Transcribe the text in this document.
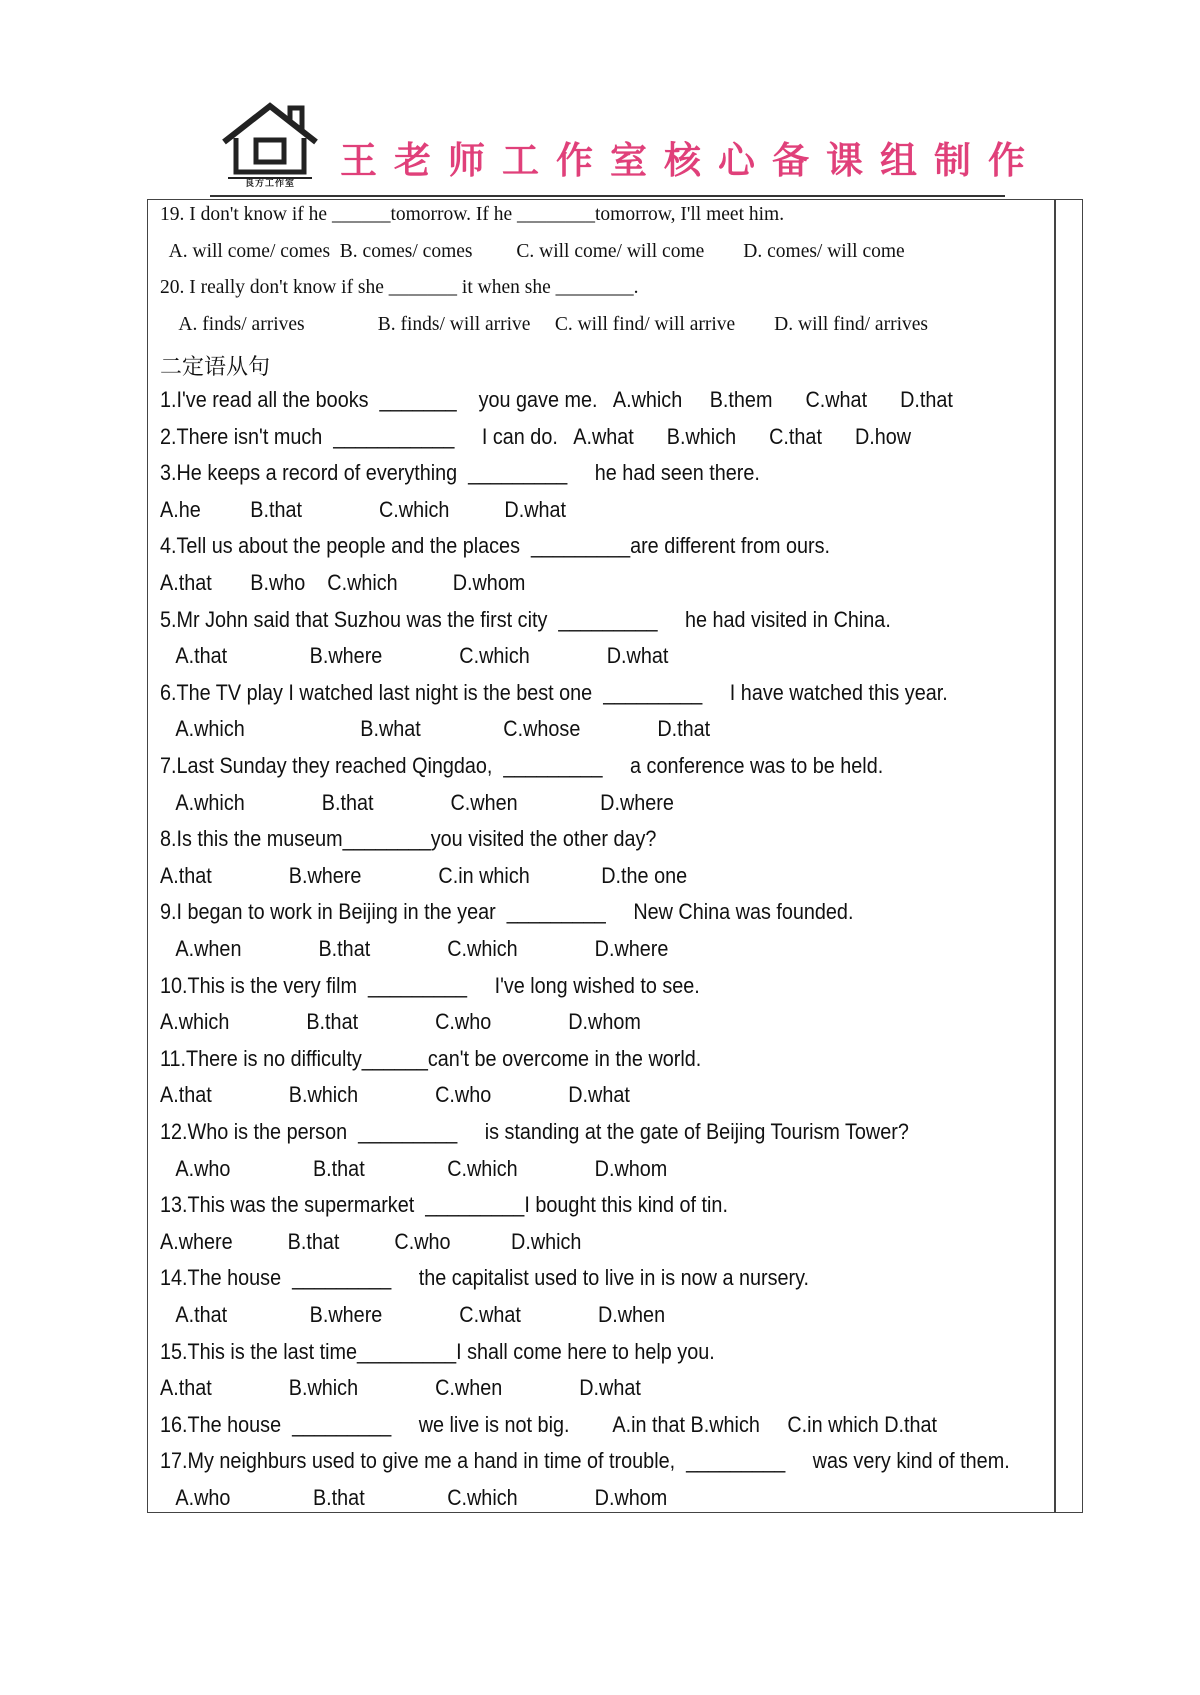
良方工作室
王老师工作室核心备课组制作
19. I don't know if he ______tomorrow. If he ________tomorrow, I'll meet him.
A. will come/ comes  B. comes/ comes         C. will come/ will come        D. comes/ will come
20. I really don't know if she _______ it when she ________.
A. finds/ arrives               B. finds/ will arrive     C. will find/ will arrive        D. will find/ arrives
二定语从句
1.I've read all the books  _______    you gave me.   A.which     B.them      C.what      D.that
2.There isn't much  ___________     I can do.   A.what      B.which      C.that      D.how
3.He keeps a record of everything  _________     he had seen there.
A.he         B.that              C.which          D.what
4.Tell us about the people and the places  _________are different from ours.
A.that       B.who    C.which          D.whom
5.Mr John said that Suzhou was the first city  _________     he had visited in China.
A.that               B.where              C.which              D.what
6.The TV play I watched last night is the best one  _________     I have watched this year.
A.which                     B.what               C.whose              D.that
7.Last Sunday they reached Qingdao,  _________     a conference was to be held.
A.which              B.that              C.when               D.where
8.Is this the museum________you visited the other day?
A.that              B.where              C.in which             D.the one
9.I began to work in Beijing in the year  _________     New China was founded.
A.when              B.that              C.which              D.where
10.This is the very film  _________     I've long wished to see.
A.which              B.that              C.who              D.whom
11.There is no difficulty______can't be overcome in the world.
A.that              B.which              C.who              D.what
12.Who is the person  _________     is standing at the gate of Beijing Tourism Tower?
A.who               B.that               C.which              D.whom
13.This was the supermarket  _________I bought this kind of tin.
A.where          B.that          C.who           D.which
14.The house  _________     the capitalist used to live in is now a nursery.
A.that               B.where              C.what              D.when
15.This is the last time_________I shall come here to help you.
A.that              B.which              C.when              D.what
16.The house  _________     we live is not big.        A.in that B.which     C.in which D.that
17.My neighburs used to give me a hand in time of trouble,  _________     was very kind of them.
A.who               B.that               C.which              D.whom
